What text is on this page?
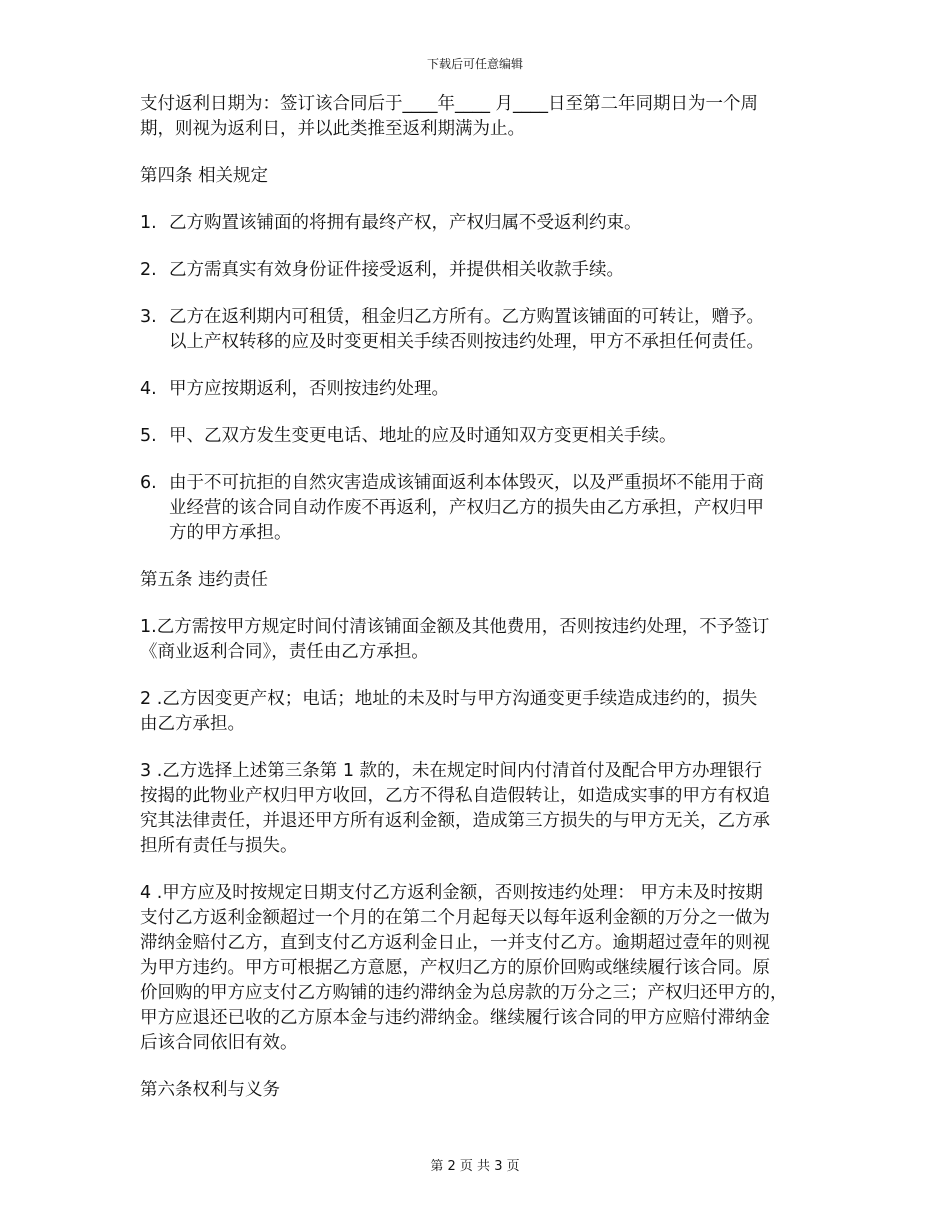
下载后可任意编辑
支付返利日期为：签订该合同后于____年____ 月____日至第二年同期日为一个周
期，则视为返利日，并以此类推至返利期满为止。
第四条 相关规定
1. 乙方购置该铺面的将拥有最终产权，产权归属不受返利约束。
2. 乙方需真实有效身份证件接受返利，并提供相关收款手续。
3. 乙方在返利期内可租赁，租金归乙方所有。乙方购置该铺面的可转让，赠予。
以上产权转移的应及时变更相关手续否则按违约处理，甲方不承担任何责任。
4. 甲方应按期返利，否则按违约处理。
5. 甲、乙双方发生变更电话、地址的应及时通知双方变更相关手续。
6. 由于不可抗拒的自然灾害造成该铺面返利本体毁灭，以及严重损坏不能用于商
业经营的该合同自动作废不再返利，产权归乙方的损失由乙方承担，产权归甲
方的甲方承担。
第五条 违约责任
1.乙方需按甲方规定时间付清该铺面金额及其他费用，否则按违约处理，不予签订
《商业返利合同》，责任由乙方承担。
2 .乙方因变更产权；电话；地址的未及时与甲方沟通变更手续造成违约的，损失
由乙方承担。
3 .乙方选择上述第三条第 1 款的，未在规定时间内付清首付及配合甲方办理银行
按揭的此物业产权归甲方收回，乙方不得私自造假转让，如造成实事的甲方有权追
究其法律责任，并退还甲方所有返利金额，造成第三方损失的与甲方无关，乙方承
担所有责任与损失。
4 .甲方应及时按规定日期支付乙方返利金额，否则按违约处理： 甲方未及时按期
支付乙方返利金额超过一个月的在第二个月起每天以每年返利金额的万分之一做为
滞纳金赔付乙方，直到支付乙方返利金日止，一并支付乙方。逾期超过壹年的则视
为甲方违约。甲方可根据乙方意愿，产权归乙方的原价回购或继续履行该合同。原
价回购的甲方应支付乙方购铺的违约滞纳金为总房款的万分之三；产权归还甲方的，
甲方应退还已收的乙方原本金与违约滞纳金。继续履行该合同的甲方应赔付滞纳金
后该合同依旧有效。
第六条权利与义务
第 2 页 共 3 页
